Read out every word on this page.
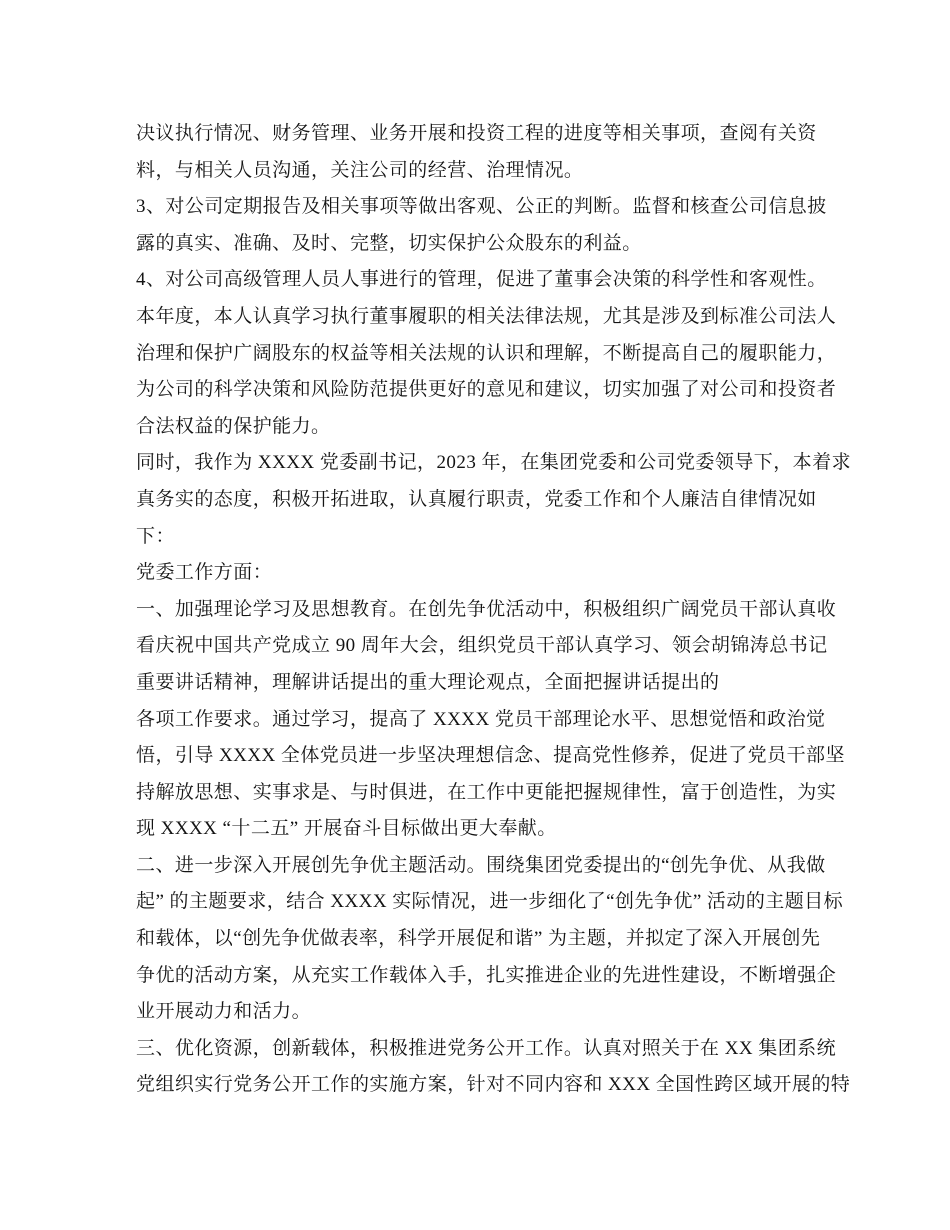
决议执行情况、财务管理、业务开展和投资工程的进度等相关事项，查阅有关资
料，与相关人员沟通，关注公司的经营、治理情况。
3、对公司定期报告及相关事项等做出客观、公正的判断。监督和核查公司信息披
露的真实、准确、及时、完整，切实保护公众股东的利益。
4、对公司高级管理人员人事进行的管理，促进了董事会决策的科学性和客观性。
本年度，本人认真学习执行董事履职的相关法律法规，尤其是涉及到标准公司法人
治理和保护广阔股东的权益等相关法规的认识和理解，不断提高自己的履职能力，
为公司的科学决策和风险防范提供更好的意见和建议，切实加强了对公司和投资者
合法权益的保护能力。
同时，我作为 XXXX 党委副书记，2023 年，在集团党委和公司党委领导下，本着求
真务实的态度，积极开拓进取，认真履行职责，党委工作和个人廉洁自律情况如
下：
党委工作方面：
一、加强理论学习及思想教育。在创先争优活动中，积极组织广阔党员干部认真收
看庆祝中国共产党成立 90 周年大会，组织党员干部认真学习、领会胡锦涛总书记
重要讲话精神，理解讲话提出的重大理论观点，全面把握讲话提出的
各项工作要求。通过学习，提高了 XXXX 党员干部理论水平、思想觉悟和政治觉
悟，引导 XXXX 全体党员进一步坚决理想信念、提高党性修养，促进了党员干部坚
持解放思想、实事求是、与时俱进，在工作中更能把握规律性，富于创造性，为实
现 XXXX “十二五” 开展奋斗目标做出更大奉献。
二、进一步深入开展创先争优主题活动。围绕集团党委提出的“创先争优、从我做
起” 的主题要求，结合 XXXX 实际情况，进一步细化了“创先争优” 活动的主题目标
和载体，以“创先争优做表率，科学开展促和谐” 为主题，并拟定了深入开展创先
争优的活动方案，从充实工作载体入手，扎实推进企业的先进性建设，不断增强企
业开展动力和活力。
三、优化资源，创新载体，积极推进党务公开工作。认真对照关于在 XX 集团系统
党组织实行党务公开工作的实施方案，针对不同内容和 XXX 全国性跨区域开展的特
